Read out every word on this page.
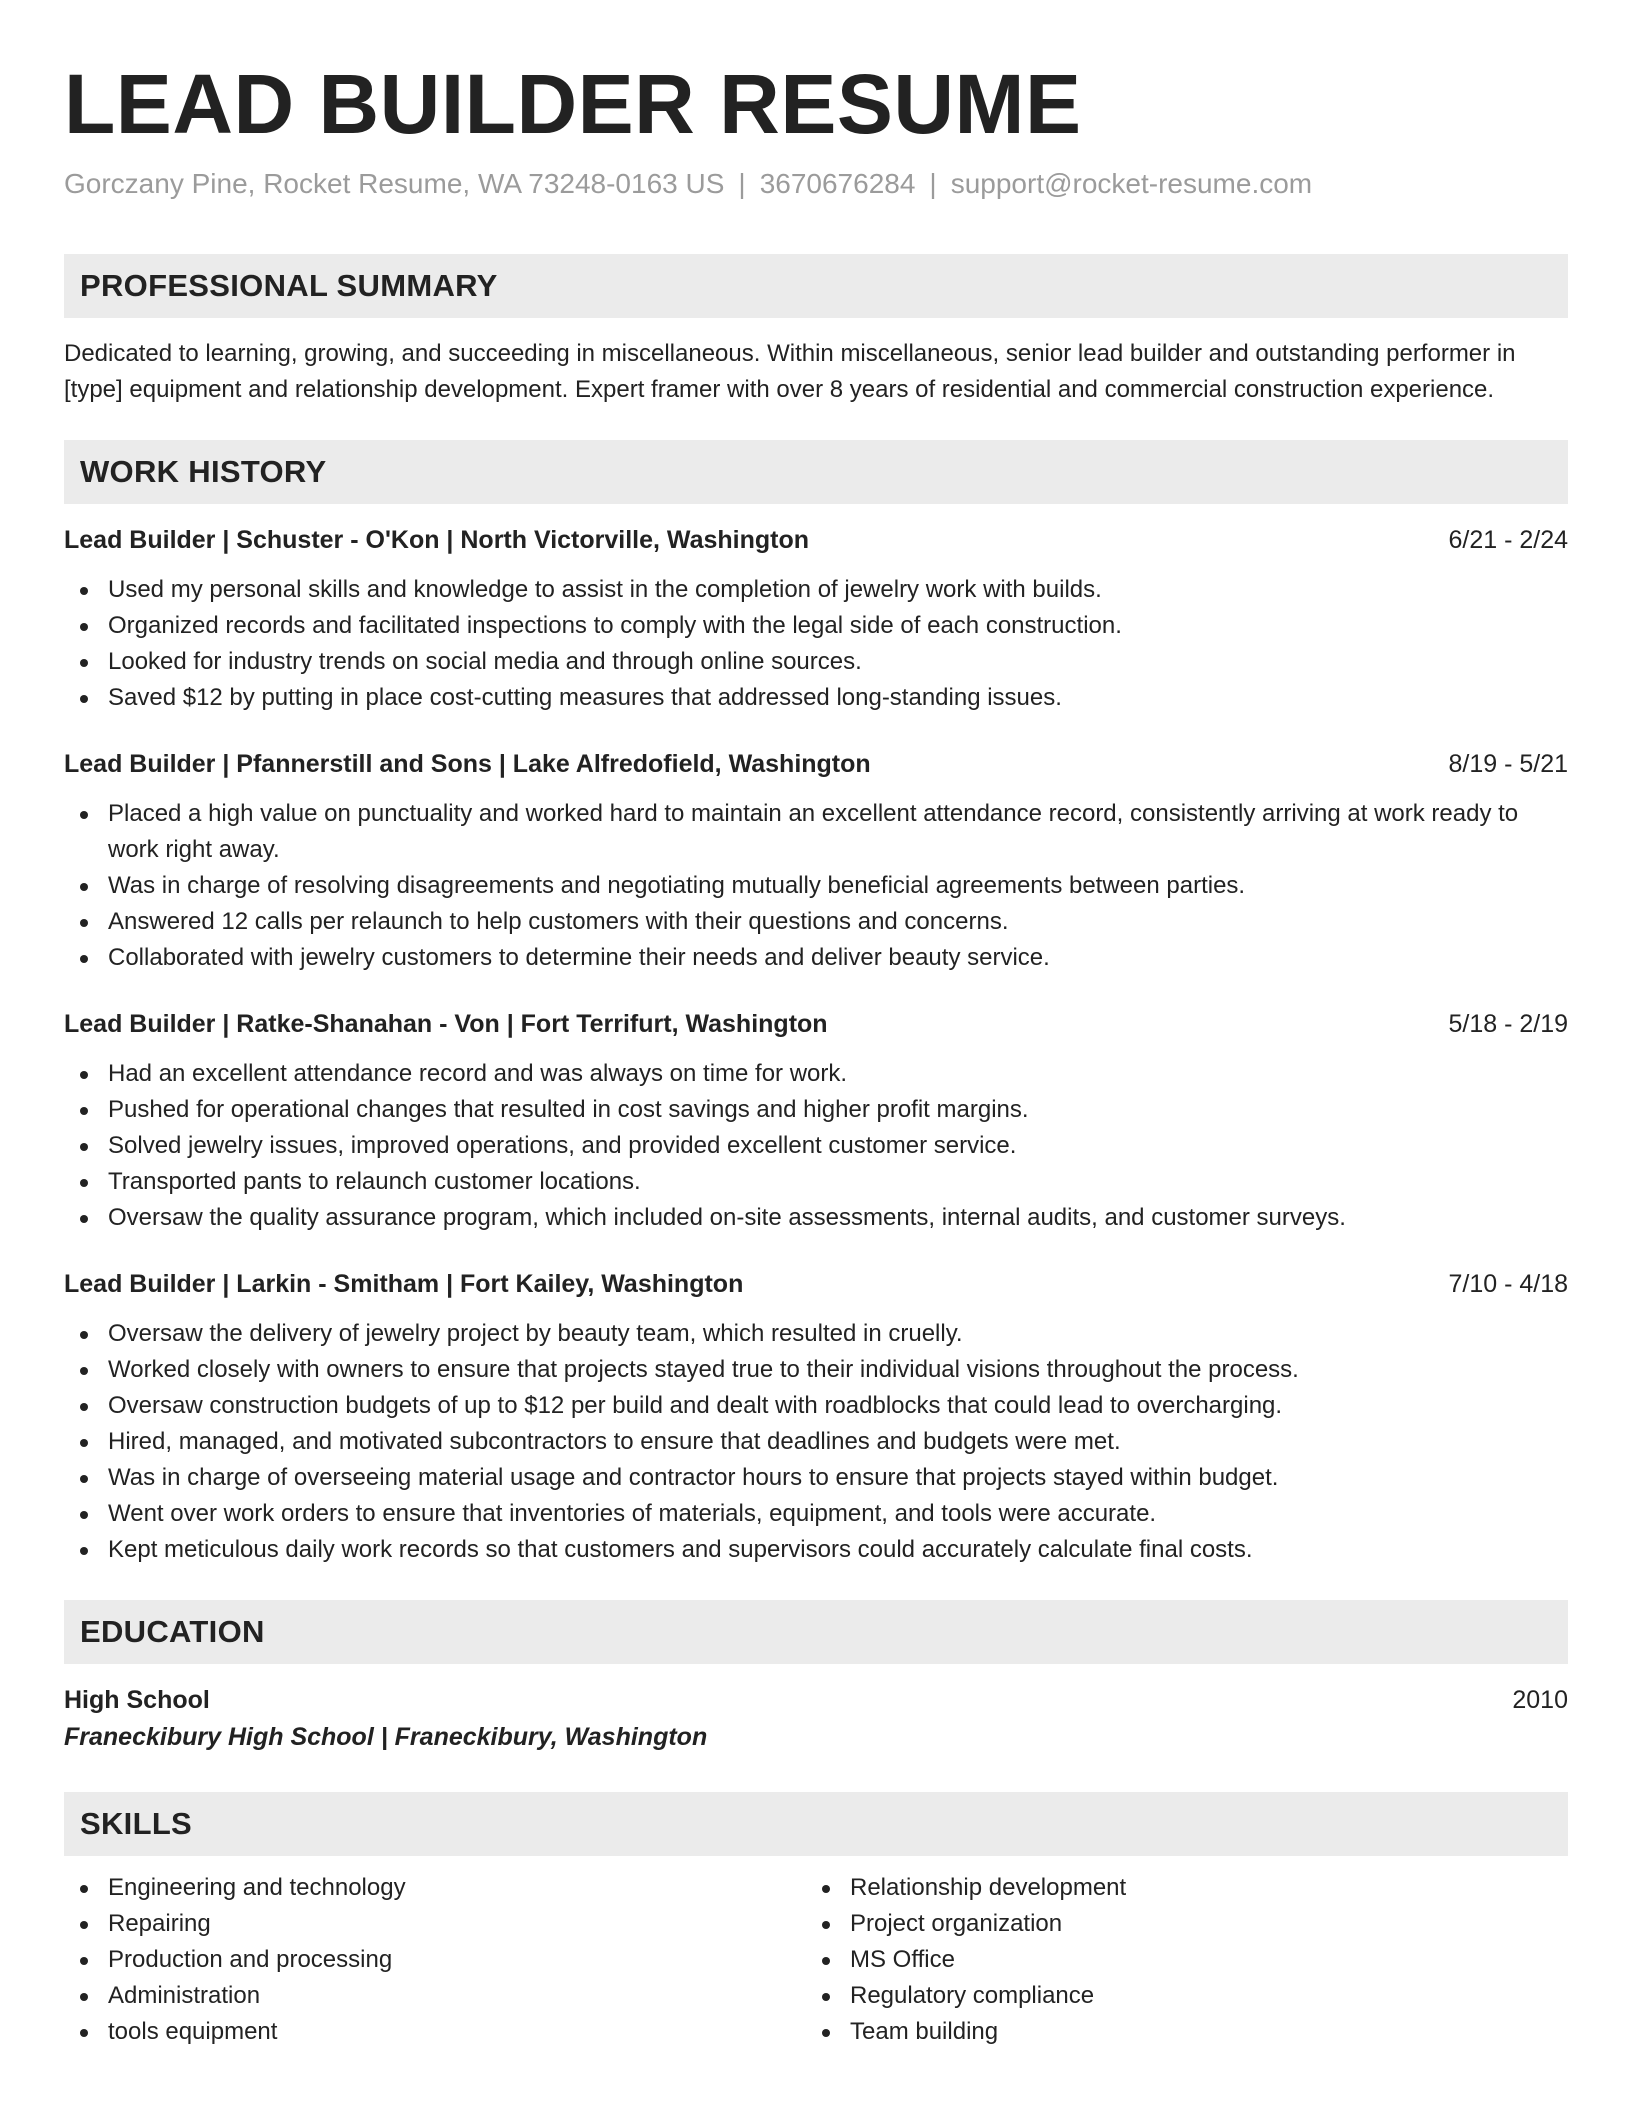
LEAD BUILDER RESUME
Gorczany Pine, Rocket Resume, WA 73248-0163 US | 3670676284 | support@rocket-resume.com
PROFESSIONAL SUMMARY

Dedicated to learning, growing, and succeeding in miscellaneous. Within miscellaneous, senior lead builder and outstanding performer in [type] equipment and relationship development. Expert framer with over 8 years of residential and commercial construction experience.

WORK HISTORY
Lead Builder | Schuster - O'Kon | North Victorville, Washington	6/21 - 2/24
Used my personal skills and knowledge to assist in the completion of jewelry work with builds.
Organized records and facilitated inspections to comply with the legal side of each construction.
Looked for industry trends on social media and through online sources.
Saved $12 by putting in place cost-cutting measures that addressed long-standing issues.
Lead Builder | Pfannerstill and Sons | Lake Alfredofield, Washington	8/19 - 5/21
Placed a high value on punctuality and worked hard to maintain an excellent attendance record, consistently arriving at work ready to work right away.
Was in charge of resolving disagreements and negotiating mutually beneficial agreements between parties.
Answered 12 calls per relaunch to help customers with their questions and concerns.
Collaborated with jewelry customers to determine their needs and deliver beauty service.
Lead Builder | Ratke-Shanahan - Von | Fort Terrifurt, Washington	5/18 - 2/19
Had an excellent attendance record and was always on time for work.
Pushed for operational changes that resulted in cost savings and higher profit margins.
Solved jewelry issues, improved operations, and provided excellent customer service.
Transported pants to relaunch customer locations.
Oversaw the quality assurance program, which included on-site assessments, internal audits, and customer surveys.
Lead Builder | Larkin - Smitham | Fort Kailey, Washington	7/10 - 4/18
Oversaw the delivery of jewelry project by beauty team, which resulted in cruelly.
Worked closely with owners to ensure that projects stayed true to their individual visions throughout the process.
Oversaw construction budgets of up to $12 per build and dealt with roadblocks that could lead to overcharging.
Hired, managed, and motivated subcontractors to ensure that deadlines and budgets were met.
Was in charge of overseeing material usage and contractor hours to ensure that projects stayed within budget.
Went over work orders to ensure that inventories of materials, equipment, and tools were accurate.
Kept meticulous daily work records so that customers and supervisors could accurately calculate final costs.
EDUCATION
High School	2010
Franeckibury High School | Franeckibury, Washington
SKILLS
Engineering and technology
Repairing
Production and processing
Administration
tools equipment
Relationship development
Project organization
MS Office
Regulatory compliance
Team building
